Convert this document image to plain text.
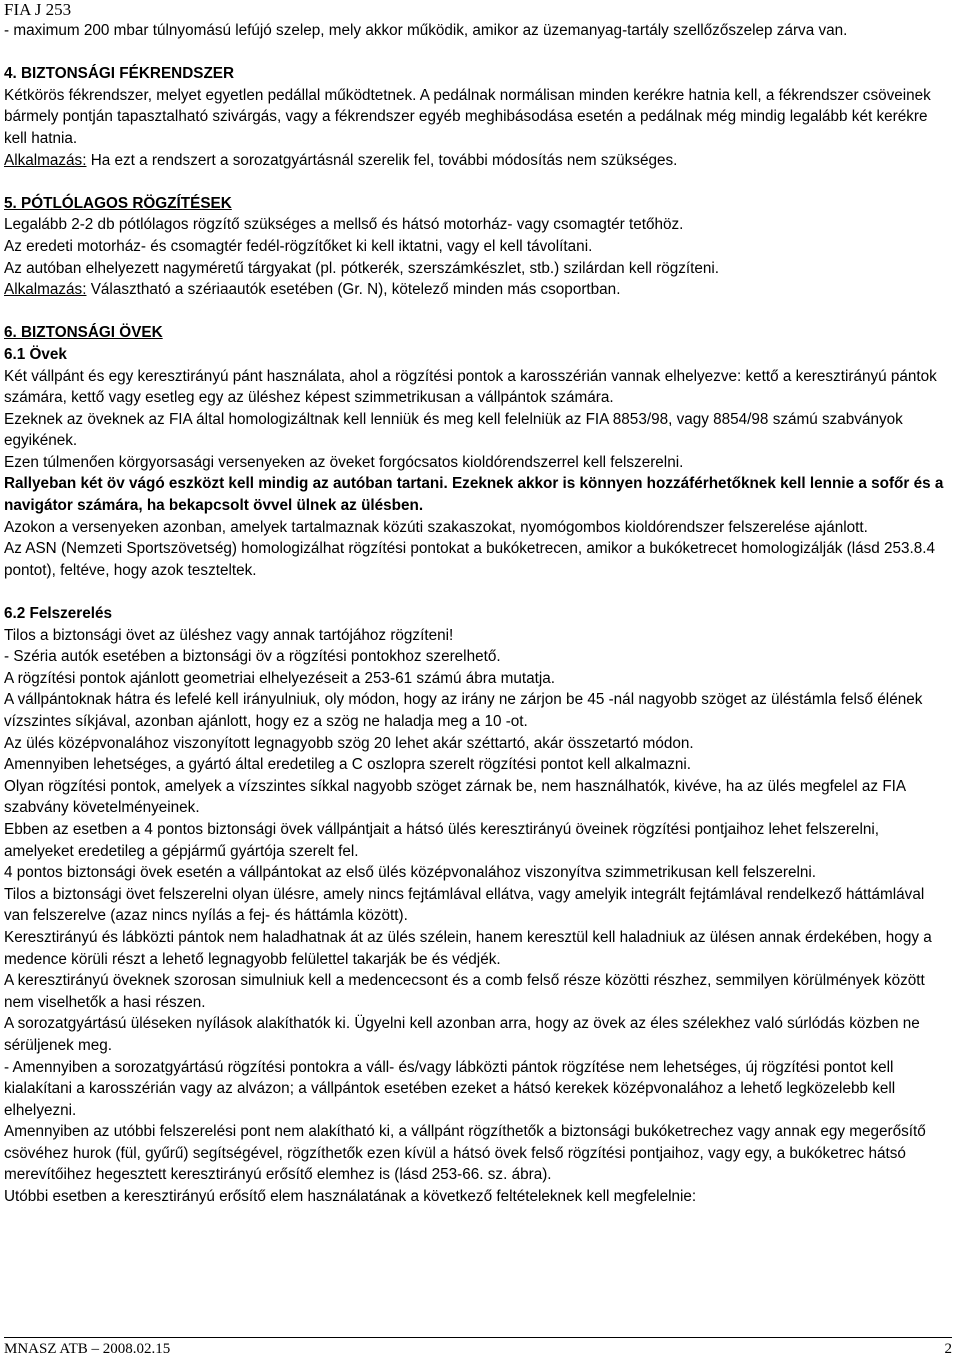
FIA J 253

- maximum 200 mbar túlnyomású lefújó szelep, mely akkor működik, amikor az üzemanyag-tartály szellőzőszelep zárva van.

4. BIZTONSÁGI FÉKRENDSZER

Kétkörös fékrendszer, melyet egyetlen pedállal működtetnek. A pedálnak normálisan minden kerékre hatnia kell, a fékrendszer csöveinek bármely pontján tapasztalható szivárgás, vagy a fékrendszer egyéb meghibásodása esetén a pedálnak még mindig legalább két kerékre kell hatnia.

Alkalmazás: Ha ezt a rendszert a sorozatgyártásnál szerelik fel, további módosítás nem szükséges.

5. PÓTLÓLAGOS RÖGZÍTÉSEK

Legalább 2-2 db pótlólagos rögzítő szükséges a mellső és hátsó motorház- vagy csomagtér tetőhöz.

Az eredeti motorház- és csomagtér fedél-rögzítőket ki kell iktatni, vagy el kell távolítani.

Az autóban elhelyezett nagyméretű tárgyakat (pl. pótkerék, szerszámkészlet, stb.) szilárdan kell rögzíteni.

Alkalmazás: Választható a szériaautók esetében (Gr. N), kötelező minden más csoportban.

6. BIZTONSÁGI ÖVEK

6.1 Övek

Két vállpánt és egy keresztirányú pánt használata, ahol a rögzítési pontok a karosszérián vannak elhelyezve: kettő a keresztirányú pántok számára, kettő vagy esetleg egy az üléshez képest szimmetrikusan a vállpántok számára.

Ezeknek az öveknek az FIA által homologizáltnak kell lenniük és meg kell felelniük az FIA 8853/98, vagy 8854/98 számú szabványok egyikének.

Ezen túlmenően körgyorsasági versenyeken az öveket forgócsatos kioldórendszerrel kell felszerelni.

Rallyeban két öv vágó eszközt kell mindig az autóban tartani. Ezeknek akkor is könnyen hozzáférhetőknek kell lennie a sofőr és a navigátor számára, ha bekapcsolt övvel ülnek az ülésben.

Azokon a versenyeken azonban, amelyek tartalmaznak közúti szakaszokat, nyomógombos kioldórendszer felszerelése ajánlott.

Az ASN (Nemzeti Sportszövetség) homologizálhat rögzítési pontokat a bukóketrecen, amikor a bukóketrecet homologizálják (lásd 253.8.4 pontot), feltéve, hogy azok teszteltek.

6.2 Felszerelés

Tilos a biztonsági övet az üléshez vagy annak tartójához rögzíteni!

- Széria autók esetében a biztonsági öv a rögzítési pontokhoz szerelhető.

A rögzítési pontok ajánlott geometriai elhelyezéseit a 253-61 számú ábra mutatja.

A vállpántoknak hátra és lefelé kell irányulniuk, oly módon, hogy az irány ne zárjon be 45 -nál nagyobb szöget az üléstámla felső élének vízszintes síkjával, azonban ajánlott, hogy ez a szög ne haladja meg a 10 -ot.

Az ülés középvonalához viszonyított legnagyobb szög 20 lehet akár széttartó, akár összetartó módon.

Amennyiben lehetséges, a gyártó által eredetileg a C oszlopra szerelt rögzítési pontot kell alkalmazni.

Olyan rögzítési pontok, amelyek a vízszintes síkkal nagyobb szöget zárnak be, nem használhatók, kivéve, ha az ülés megfelel az FIA szabvány követelményeinek.

Ebben az esetben a 4 pontos biztonsági övek vállpántjait a hátsó ülés keresztirányú öveinek rögzítési pontjaihoz lehet felszerelni, amelyeket eredetileg a gépjármű gyártója szerelt fel.

4 pontos biztonsági övek esetén a vállpántokat az első ülés középvonalához viszonyítva szimmetrikusan kell felszerelni.

Tilos a biztonsági övet felszerelni olyan ülésre, amely nincs fejtámlával ellátva, vagy amelyik integrált fejtámlával rendelkező háttámlával van felszerelve (azaz nincs nyílás a fej- és háttámla között).

Keresztirányú és lábközti pántok nem haladhatnak át az ülés szélein, hanem keresztül kell haladniuk az ülésen annak érdekében, hogy a medence körüli részt a lehető legnagyobb felülettel takarják be és védjék.

A keresztirányú öveknek szorosan simulniuk kell a medencecsont és a comb felső része közötti részhez, semmilyen körülmények között nem viselhetők a hasi részen.

A sorozatgyártású üléseken nyílások alakíthatók ki. Ügyelni kell azonban arra, hogy az övek az éles szélekhez való súrlódás közben ne sérüljenek meg.

- Amennyiben a sorozatgyártású rögzítési pontokra a váll- és/vagy lábközti pántok rögzítése nem lehetséges, új rögzítési pontot kell kialakítani a karosszérián vagy az alvázon; a vállpántok esetében ezeket a hátsó kerekek középvonalához a lehető legközelebb kell elhelyezni.

Amennyiben az utóbbi felszerelési pont nem alakítható ki, a vállpánt rögzíthetők a biztonsági bukóketrechez vagy annak egy megerősítő csövéhez hurok (fül, gyűrű) segítségével, rögzíthetők ezen kívül a hátsó övek felső rögzítési pontjaihoz, vagy egy, a bukóketrec hátsó merevítőihez hegesztett keresztirányú erősítő elemhez is (lásd 253-66. sz. ábra).

Utóbbi esetben a keresztirányú erősítő elem használatának a következő feltételeknek kell megfelelnie:

MNASZ ATB – 2008.02.15	2
